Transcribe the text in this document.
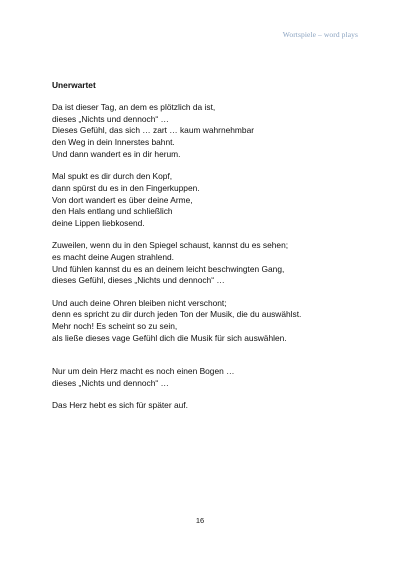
Wortspiele – word plays
Unerwartet
Da ist dieser Tag, an dem es plötzlich da ist,
dieses „Nichts und dennoch“ …
Dieses Gefühl, das sich … zart … kaum wahrnehmbar
den Weg in dein Innerstes bahnt.
Und dann wandert es in dir herum.
Mal spukt es dir durch den Kopf,
dann spürst du es in den Fingerkuppen.
Von dort wandert es über deine Arme,
den Hals entlang und schließlich
deine Lippen liebkosend.
Zuweilen, wenn du in den Spiegel schaust, kannst du es sehen;
es macht deine Augen strahlend.
Und fühlen kannst du es an deinem leicht beschwingten Gang,
dieses Gefühl, dieses „Nichts und dennoch“ …
Und auch deine Ohren bleiben nicht verschont;
denn es spricht zu dir durch jeden Ton der Musik, die du auswählst.
Mehr noch! Es scheint so zu sein,
als ließe dieses vage Gefühl dich die Musik für sich auswählen.
Nur um dein Herz macht es noch einen Bogen …
dieses „Nichts und dennoch“ …
Das Herz hebt es sich für später auf.
16
